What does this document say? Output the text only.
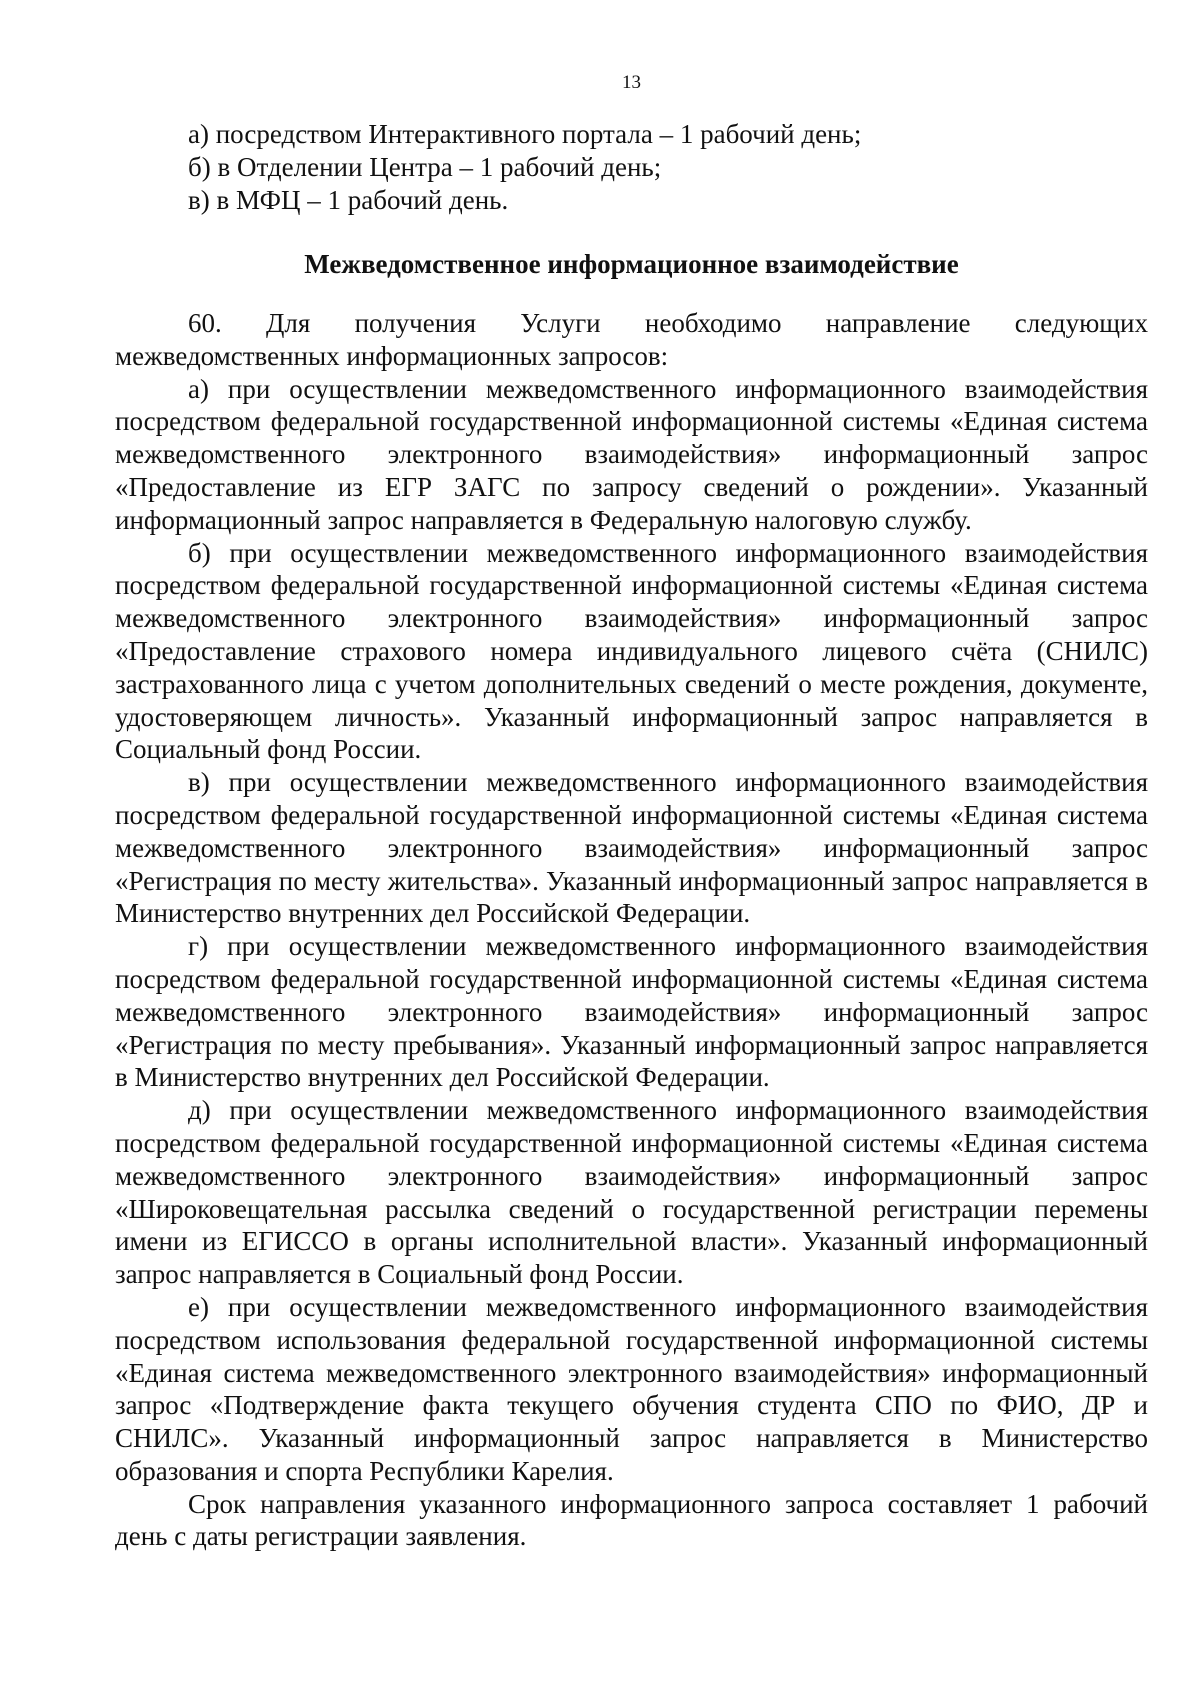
13

а) посредством Интерактивного портала – 1 рабочий день;

б) в Отделении Центра – 1 рабочий день;

в) в МФЦ – 1 рабочий день.

Межведомственное информационное взаимодействие

60. Для получения Услуги необходимо направление следующих межведомственных информационных запросов:

а) при осуществлении межведомственного информационного взаимодействия посредством федеральной государственной информационной системы «Единая система межведомственного электронного взаимодействия» информационный запрос «Предоставление из ЕГР ЗАГС по запросу сведений о рождении». Указанный информационный запрос направляется в Федеральную налоговую службу.

б) при осуществлении межведомственного информационного взаимодействия посредством федеральной государственной информационной системы «Единая система межведомственного электронного взаимодействия» информационный запрос «Предоставление страхового номера индивидуального лицевого счёта (СНИЛС) застрахованного лица с учетом дополнительных сведений о месте рождения, документе, удостоверяющем личность». Указанный информационный запрос направляется в Социальный фонд России.

в) при осуществлении межведомственного информационного взаимодействия посредством федеральной государственной информационной системы «Единая система межведомственного электронного взаимодействия» информационный запрос «Регистрация по месту жительства». Указанный информационный запрос направляется в Министерство внутренних дел Российской Федерации.

г) при осуществлении межведомственного информационного взаимодействия посредством федеральной государственной информационной системы «Единая система межведомственного электронного взаимодействия» информационный запрос «Регистрация по месту пребывания». Указанный информационный запрос направляется в Министерство внутренних дел Российской Федерации.

д) при осуществлении межведомственного информационного взаимодействия посредством федеральной государственной информационной системы «Единая система межведомственного электронного взаимодействия» информационный запрос «Широковещательная рассылка сведений о государственной регистрации перемены имени из ЕГИССО в органы исполнительной власти». Указанный информационный запрос направляется в Социальный фонд России.

е) при осуществлении межведомственного информационного взаимодействия посредством использования федеральной государственной информационной системы «Единая система межведомственного электронного взаимодействия» информационный запрос «Подтверждение факта текущего обучения студента СПО по ФИО, ДР и СНИЛС». Указанный информационный запрос направляется в Министерство образования и спорта Республики Карелия.

Срок направления указанного информационного запроса составляет 1 рабочий день с даты регистрации заявления.
